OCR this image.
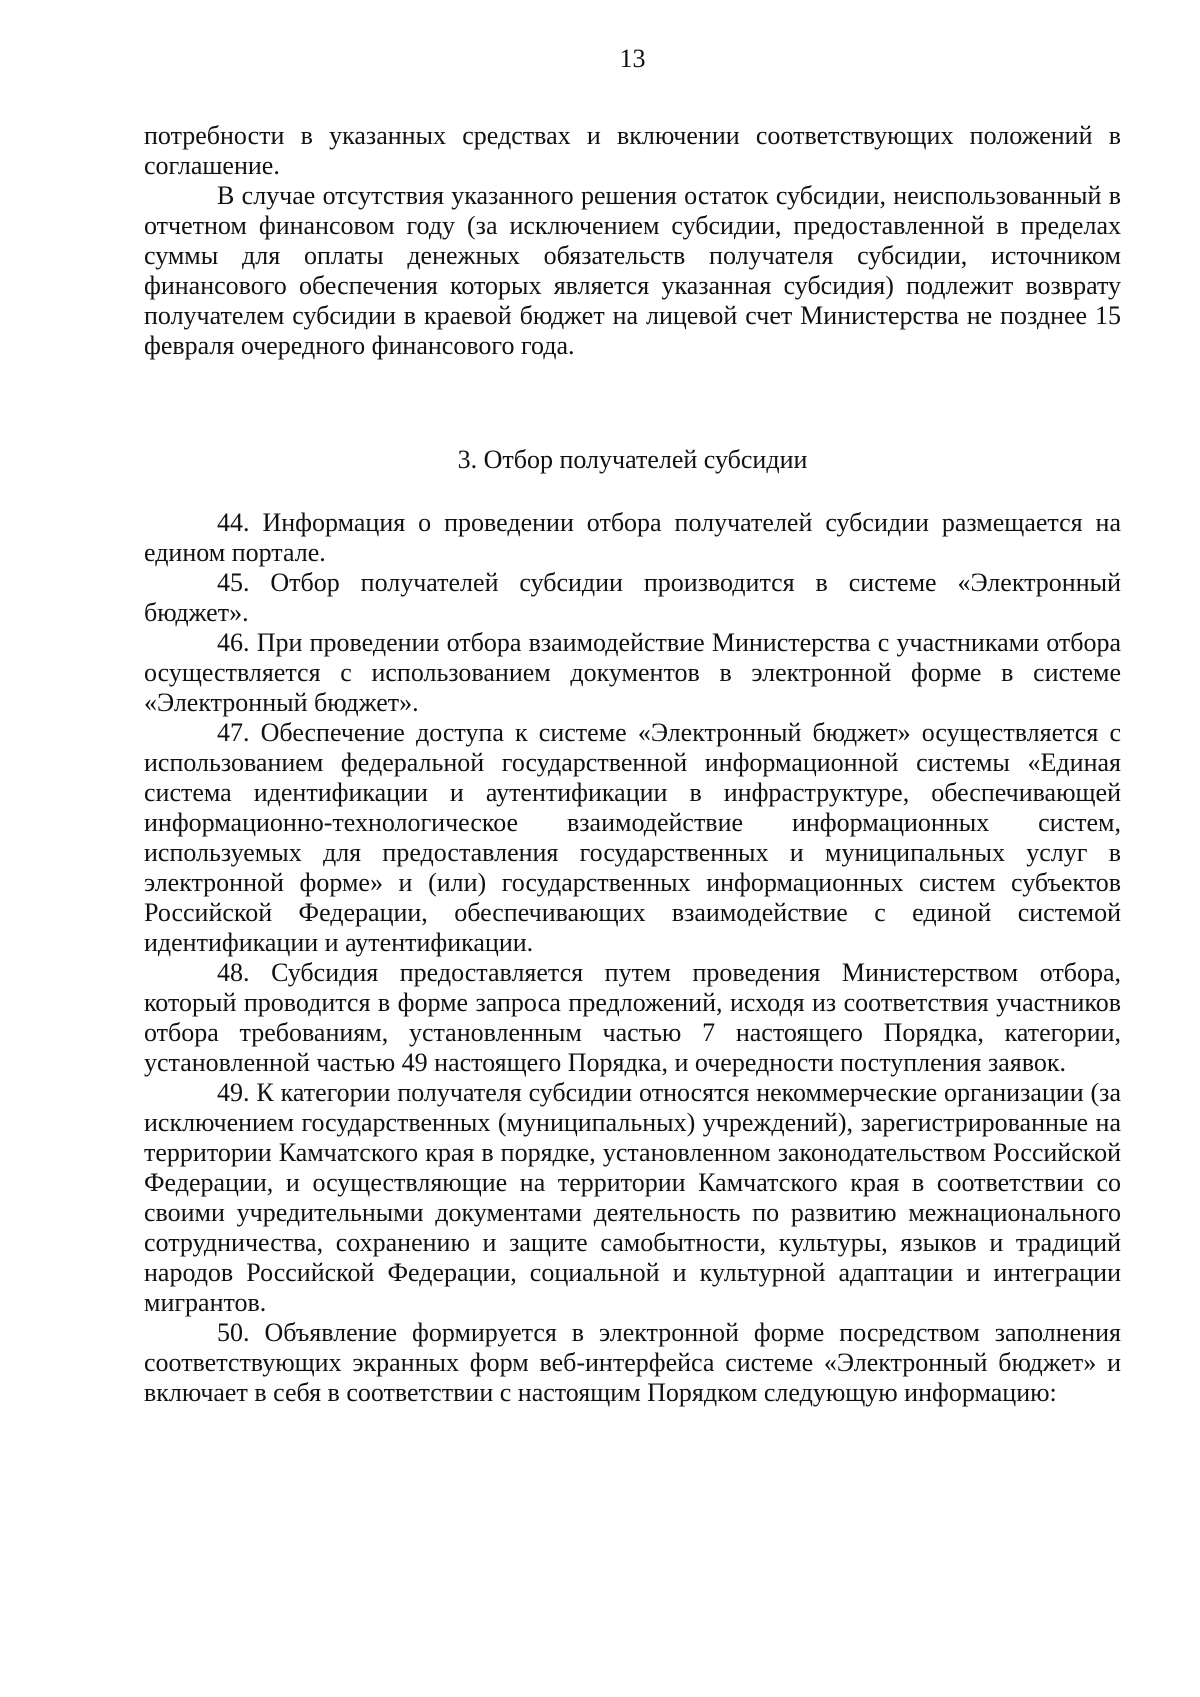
13

потребности в указанных средствах и включении соответствующих положений в соглашение.

В случае отсутствия указанного решения остаток субсидии, неиспользованный в отчетном финансовом году (за исключением субсидии, предоставленной в пределах суммы для оплаты денежных обязательств получателя субсидии, источником финансового обеспечения которых является указанная субсидия) подлежит возврату получателем субсидии в краевой бюджет на лицевой счет Министерства не позднее 15 февраля очередного финансового года.

3. Отбор получателей субсидии

44. Информация о проведении отбора получателей субсидии размещается на едином портале.

45. Отбор получателей субсидии производится в системе «Электронный бюджет».

46. При проведении отбора взаимодействие Министерства с участниками отбора осуществляется с использованием документов в электронной форме в системе «Электронный бюджет».

47. Обеспечение доступа к системе «Электронный бюджет» осуществляется с использованием федеральной государственной информационной системы «Единая система идентификации и аутентификации в инфраструктуре, обеспечивающей информационно-технологическое взаимодействие информационных систем, используемых для предоставления государственных и муниципальных услуг в электронной форме» и (или) государственных информационных систем субъектов Российской Федерации, обеспечивающих взаимодействие с единой системой идентификации и аутентификации.

48. Субсидия предоставляется путем проведения Министерством отбора, который проводится в форме запроса предложений, исходя из соответствия участников отбора требованиям, установленным частью 7 настоящего Порядка, категории, установленной частью 49 настоящего Порядка, и очередности поступления заявок.

49. К категории получателя субсидии относятся некоммерческие организации (за исключением государственных (муниципальных) учреждений), зарегистрированные на территории Камчатского края в порядке, установленном законодательством Российской Федерации, и осуществляющие на территории Камчатского края в соответствии со своими учредительными документами деятельность по развитию межнационального сотрудничества, сохранению и защите самобытности, культуры, языков и традиций народов Российской Федерации, социальной и культурной адаптации и интеграции мигрантов.

50. Объявление формируется в электронной форме посредством заполнения соответствующих экранных форм веб-интерфейса системе «Электронный бюджет» и включает в себя в соответствии с настоящим Порядком следующую информацию:
